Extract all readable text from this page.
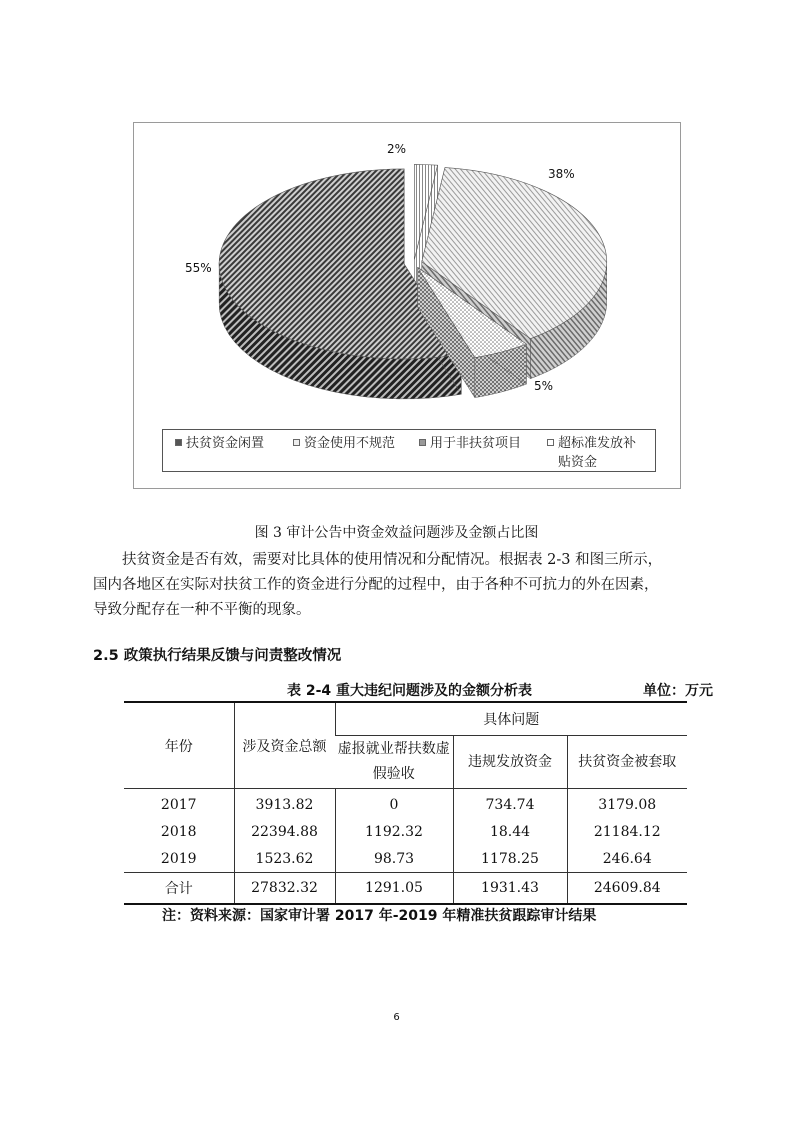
2%
38%
55%
5%
扶贫资金闲置	资金使用不规范	用于非扶贫项目	超标准发放补贴资金
图 3 审计公告中资金效益问题涉及金额占比图

扶贫资金是否有效，需要对比具体的使用情况和分配情况。根据表 2-3 和图三所示，

国内各地区在实际对扶贫工作的资金进行分配的过程中，由于各种不可抗力的外在因素，

导致分配存在一种不平衡的现象。

2.5 政策执行结果反馈与问责整改情况
表 2-4 重大违纪问题涉及的金额分析表	单位：万元
年份	涉及资金总额	具体问题		
		虚报就业帮扶数虚假验收	违规发放资金	扶贫资金被套取
2017	3913.82	0	734.74	3179.08
2018	22394.88	1192.32	18.44	21184.12
2019	1523.62	98.73	1178.25	246.64
合计	27832.32	1291.05	1931.43	24609.84
注：资料来源：国家审计署 2017 年-2019 年精准扶贫跟踪审计结果
6
